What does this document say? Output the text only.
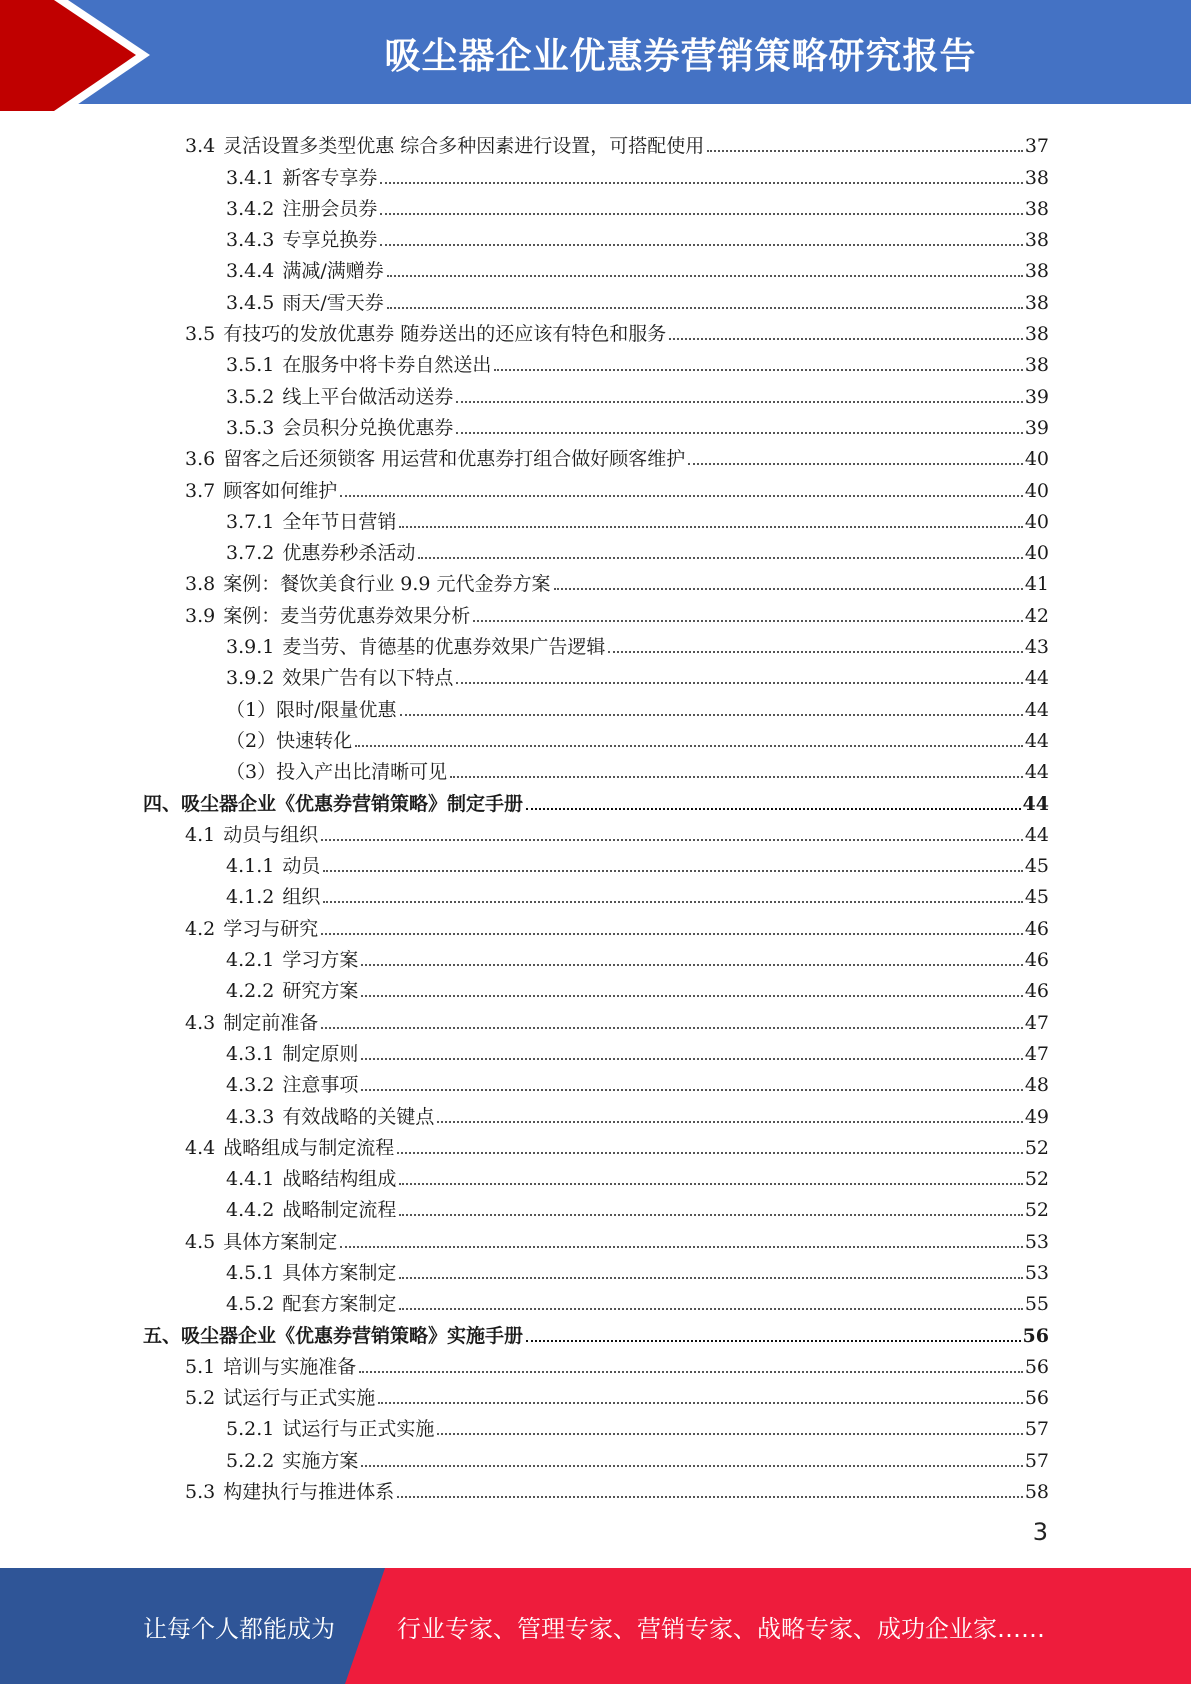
吸尘器企业优惠券营销策略研究报告
3.4 灵活设置多类型优惠 综合多种因素进行设置，可搭配使用	37
3.4.1 新客专享券	38
3.4.2 注册会员券	38
3.4.3 专享兑换券	38
3.4.4 满减/满赠券	38
3.4.5 雨天/雪天券	38
3.5 有技巧的发放优惠券 随券送出的还应该有特色和服务	38
3.5.1 在服务中将卡券自然送出	38
3.5.2 线上平台做活动送券	39
3.5.3 会员积分兑换优惠券	39
3.6 留客之后还须锁客 用运营和优惠券打组合做好顾客维护	40
3.7 顾客如何维护	40
3.7.1 全年节日营销	40
3.7.2 优惠券秒杀活动	40
3.8 案例：餐饮美食行业 9.9 元代金券方案	41
3.9 案例：麦当劳优惠券效果分析	42
3.9.1 麦当劳、肯德基的优惠券效果广告逻辑	43
3.9.2 效果广告有以下特点	44
（1）限时/限量优惠	44
（2）快速转化	44
（3）投入产出比清晰可见	44
四、吸尘器企业《优惠券营销策略》制定手册	44
4.1 动员与组织	44
4.1.1 动员	45
4.1.2 组织	45
4.2 学习与研究	46
4.2.1 学习方案	46
4.2.2 研究方案	46
4.3 制定前准备	47
4.3.1 制定原则	47
4.3.2 注意事项	48
4.3.3 有效战略的关键点	49
4.4 战略组成与制定流程	52
4.4.1 战略结构组成	52
4.4.2 战略制定流程	52
4.5 具体方案制定	53
4.5.1 具体方案制定	53
4.5.2 配套方案制定	55
五、吸尘器企业《优惠券营销策略》实施手册	56
5.1 培训与实施准备	56
5.2 试运行与正式实施	56
5.2.1 试运行与正式实施	57
5.2.2 实施方案	57
5.3 构建执行与推进体系	58
3
让每个人都能成为	行业专家、管理专家、营销专家、战略专家、成功企业家……
